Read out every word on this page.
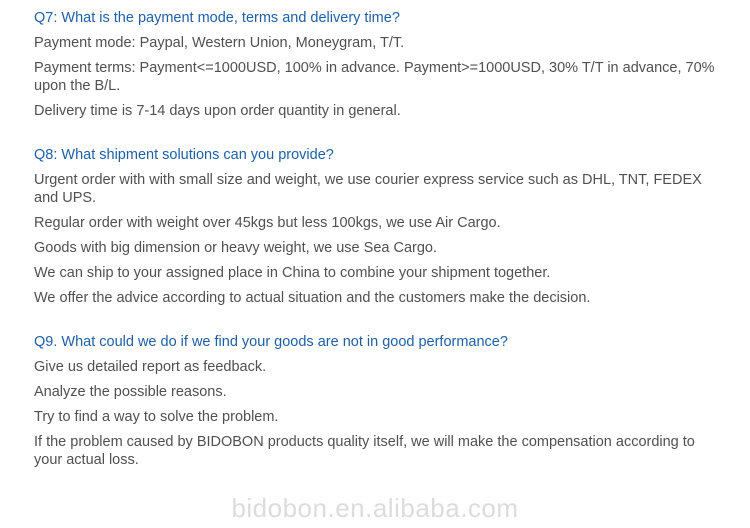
Q7: What is the payment mode, terms and delivery time?

Payment mode: Paypal, Western Union, Moneygram, T/T.

Payment terms: Payment<=1000USD, 100% in advance. Payment>=1000USD, 30% T/T in advance, 70% upon the B/L.

Delivery time is 7-14 days upon order quantity in general.

Q8: What shipment solutions can you provide?

Urgent order with with small size and weight, we use courier express service such as DHL, TNT, FEDEX and UPS.

Regular order with weight over 45kgs but less 100kgs, we use Air Cargo.

Goods with big dimension or heavy weight, we use Sea Cargo.

We can ship to your assigned place in China to combine your shipment together.

We offer the advice according to actual situation and the customers make the decision.

Q9. What could we do if we find your goods are not in good performance?

Give us detailed report as feedback.

Analyze the possible reasons.

Try to find a way to solve the problem.

If the problem caused by BIDOBON products quality itself, we will make the compensation according to your actual loss.

bidobon.en.alibaba.com
